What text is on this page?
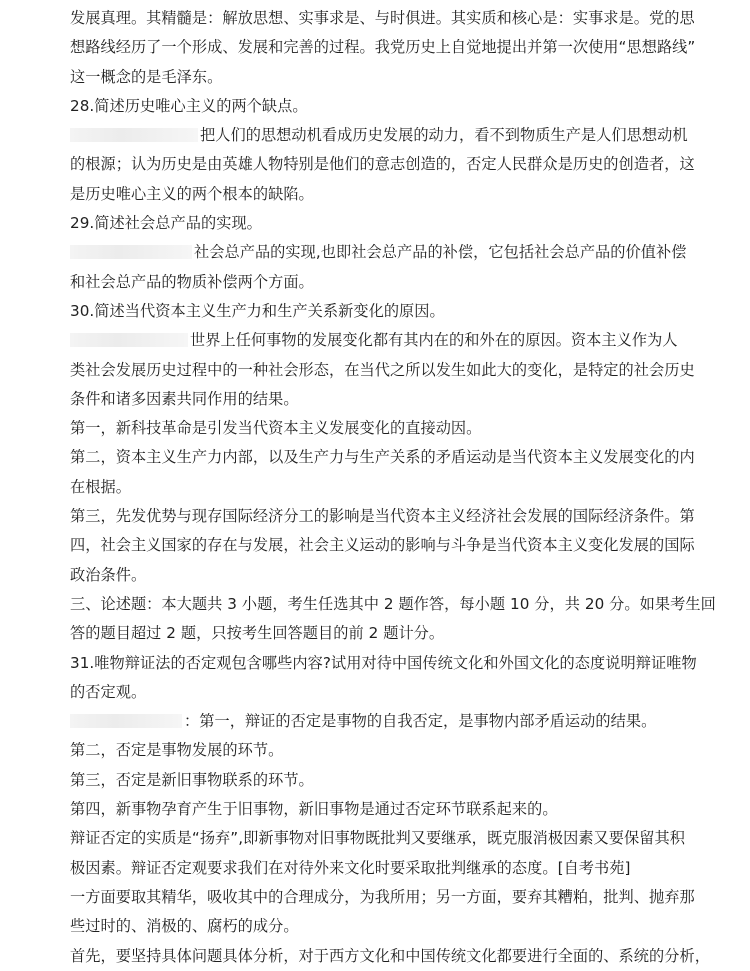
发展真理。其精髓是：解放思想、实事求是、与时俱进。其实质和核心是：实事求是。党的思
想路线经历了一个形成、发展和完善的过程。我党历史上自觉地提出并第一次使用“思想路线”
这一概念的是毛泽东。
28.简述历史唯心主义的两个缺点。
把人们的思想动机看成历史发展的动力，看不到物质生产是人们思想动机
的根源；认为历史是由英雄人物特别是他们的意志创造的，否定人民群众是历史的创造者，这
是历史唯心主义的两个根本的缺陷。
29.简述社会总产品的实现。
社会总产品的实现,也即社会总产品的补偿，它包括社会总产品的价值补偿
和社会总产品的物质补偿两个方面。
30.简述当代资本主义生产力和生产关系新变化的原因。
世界上任何事物的发展变化都有其内在的和外在的原因。资本主义作为人
类社会发展历史过程中的一种社会形态，在当代之所以发生如此大的变化，是特定的社会历史
条件和诸多因素共同作用的结果。
第一，新科技革命是引发当代资本主义发展变化的直接动因。
第二，资本主义生产力内部，以及生产力与生产关系的矛盾运动是当代资本主义发展变化的内
在根据。
第三，先发优势与现存国际经济分工的影响是当代资本主义经济社会发展的国际经济条件。第
四，社会主义国家的存在与发展，社会主义运动的影响与斗争是当代资本主义变化发展的国际
政治条件。
三、论述题：本大题共 3 小题，考生任选其中 2 题作答，每小题 10 分，共 20 分。如果考生回
答的题目超过 2 题，只按考生回答题目的前 2 题计分。
31.唯物辩证法的否定观包含哪些内容?试用对待中国传统文化和外国文化的态度说明辩证唯物
的否定观。
：第一，辩证的否定是事物的自我否定，是事物内部矛盾运动的结果。
第二，否定是事物发展的环节。
第三，否定是新旧事物联系的环节。
第四，新事物孕育产生于旧事物，新旧事物是通过否定环节联系起来的。
辩证否定的实质是“扬弃”,即新事物对旧事物既批判又要继承，既克服消极因素又要保留其积
极因素。辩证否定观要求我们在对待外来文化时要采取批判继承的态度。[自考书苑]
一方面要取其精华，吸收其中的合理成分，为我所用；另一方面，要弃其糟粕，批判、抛弃那
些过时的、消极的、腐朽的成分。
首先，要坚持具体问题具体分析，对于西方文化和中国传统文化都要进行全面的、系统的分析，
